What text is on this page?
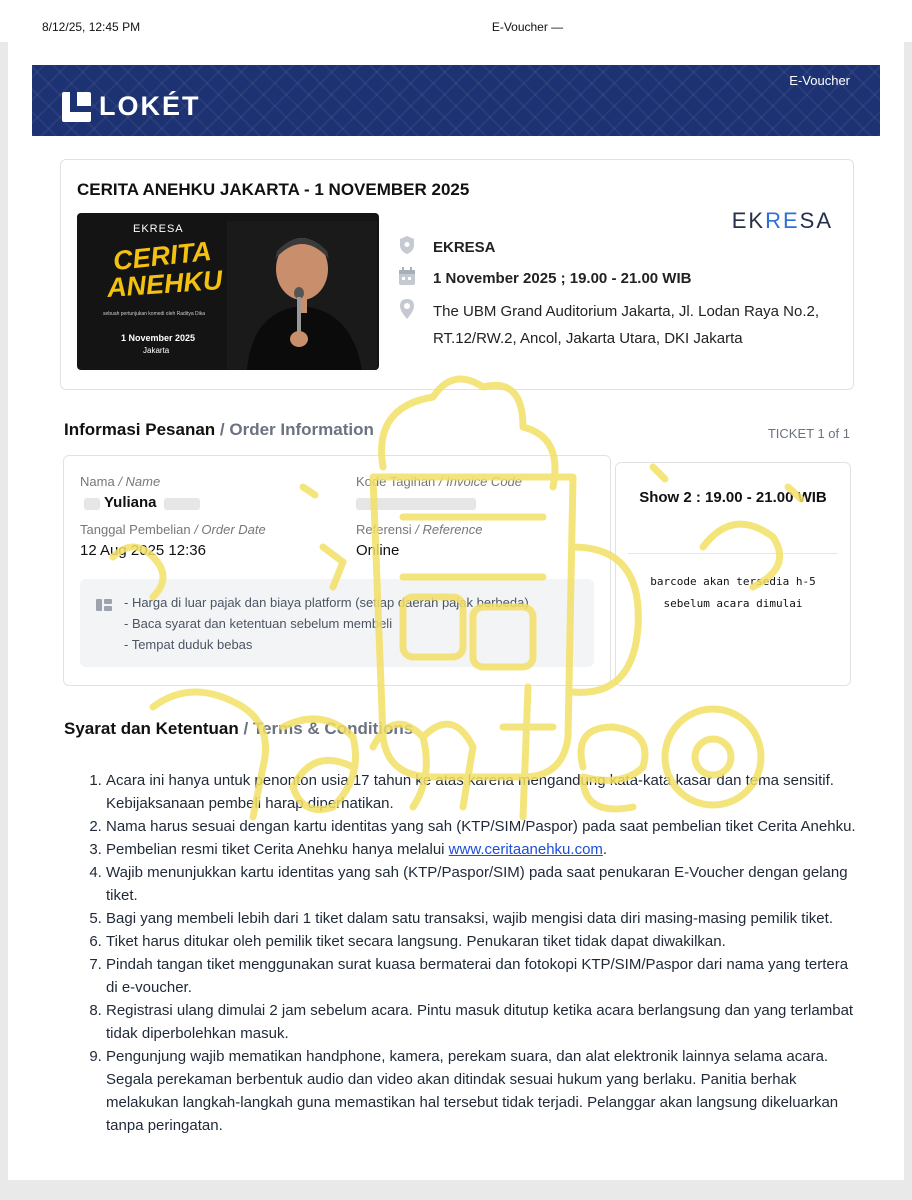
8/12/25, 12:45 PM	E-Voucher —
LOKÉT
E-Voucher
CERITA ANEHKU JAKARTA - 1 NOVEMBER 2025
EKRESA
CERITA
ANEHKU
sebuah pertunjukan komedi oleh Raditya Dika
1 November 2025
Jakarta
EKRESA
EKRESA
1 November 2025 ; 19.00 - 21.00 WIB
The UBM Grand Auditorium Jakarta, Jl. Lodan Raya No.2, RT.12/RW.2, Ancol, Jakarta Utara, DKI Jakarta
Informasi Pesanan / Order Information	TICKET 1 of 1
Nama / Name
Yuliana
Kode Tagihan / Invoice Code
Tanggal Pembelian / Order Date
12 Aug 2025 12:36
Referensi / Reference
Online
- Harga di luar pajak dan biaya platform (setiap daerah pajak berbeda)
- Baca syarat dan ketentuan sebelum membeli
- Tempat duduk bebas
Show 2 : 19.00 - 21.00 WIB
barcode akan tersedia h-5
sebelum acara dimulai
Syarat dan Ketentuan / Terms & Conditions
1. Acara ini hanya untuk penonton usia 17 tahun ke atas karena mengandung kata-kata kasar dan tema sensitif. Kebijaksanaan pembeli harap diperhatikan.
2. Nama harus sesuai dengan kartu identitas yang sah (KTP/SIM/Paspor) pada saat pembelian tiket Cerita Anehku.
3. Pembelian resmi tiket Cerita Anehku hanya melalui www.ceritaanehku.com.
4. Wajib menunjukkan kartu identitas yang sah (KTP/Paspor/SIM) pada saat penukaran E-Voucher dengan gelang tiket.
5. Bagi yang membeli lebih dari 1 tiket dalam satu transaksi, wajib mengisi data diri masing-masing pemilik tiket.
6. Tiket harus ditukar oleh pemilik tiket secara langsung. Penukaran tiket tidak dapat diwakilkan.
7. Pindah tangan tiket menggunakan surat kuasa bermaterai dan fotokopi KTP/SIM/Paspor dari nama yang tertera di e-voucher.
8. Registrasi ulang dimulai 2 jam sebelum acara. Pintu masuk ditutup ketika acara berlangsung dan yang terlambat tidak diperbolehkan masuk.
9. Pengunjung wajib mematikan handphone, kamera, perekam suara, dan alat elektronik lainnya selama acara. Segala perekaman berbentuk audio dan video akan ditindak sesuai hukum yang berlaku. Panitia berhak melakukan langkah-langkah guna memastikan hal tersebut tidak terjadi. Pelanggar akan langsung dikeluarkan tanpa peringatan.
